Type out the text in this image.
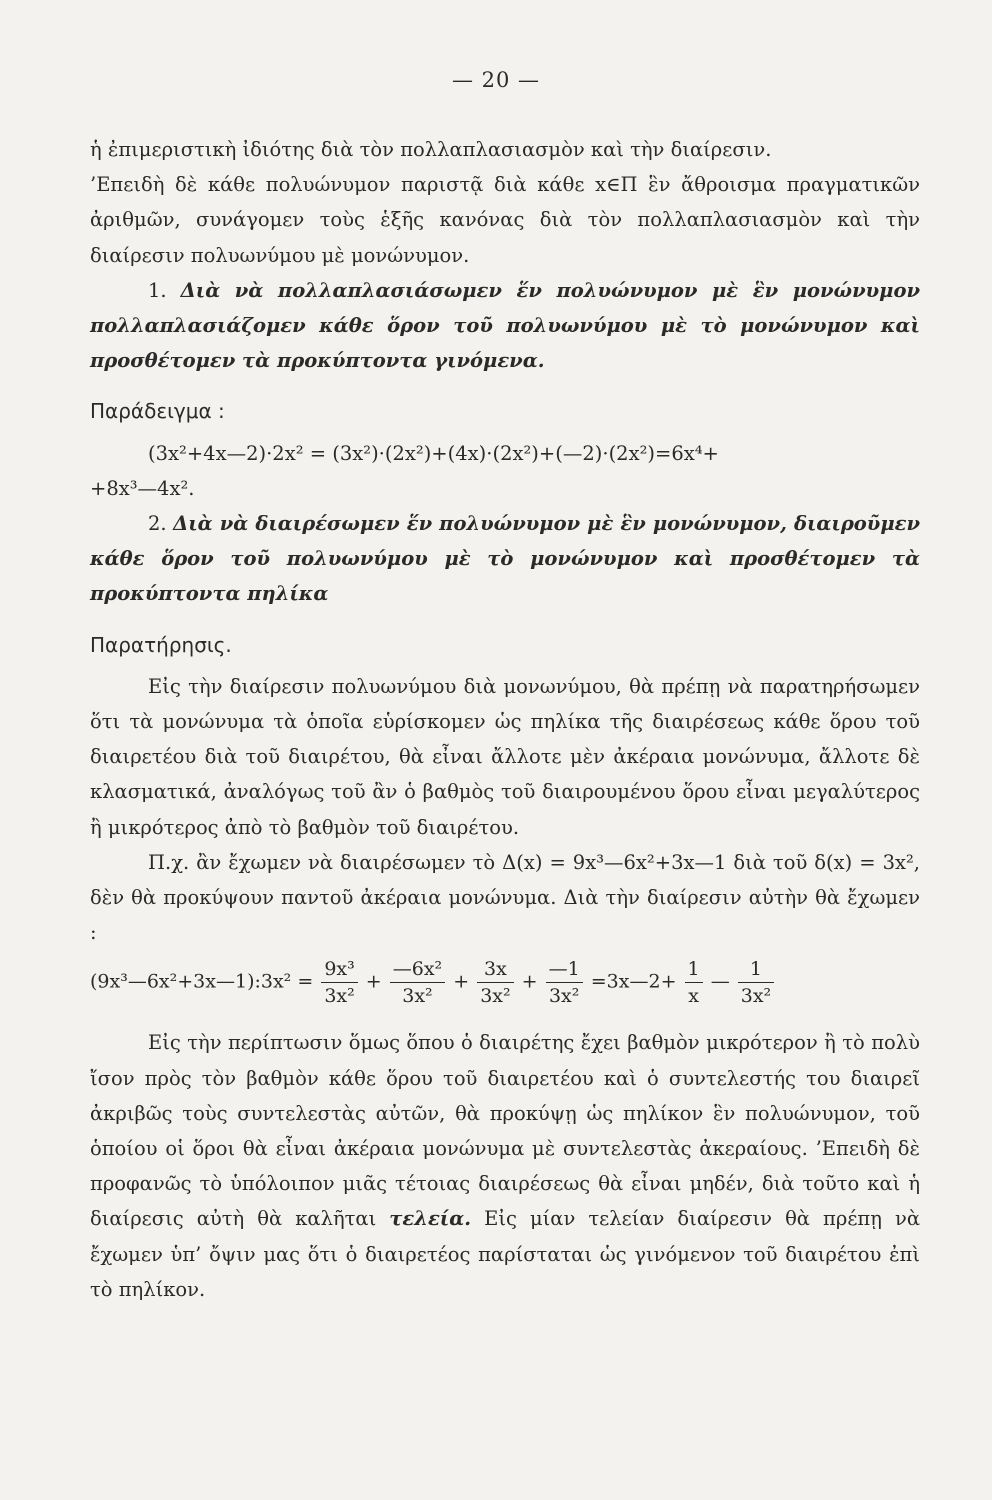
— 20 —

ἡ ἐπιμεριστικὴ ἰδιότης διὰ τὸν πολλαπλασιασμὸν καὶ τὴν διαίρεσιν.

’Επειδὴ δὲ κάθε πολυώνυμον παριστᾷ διὰ κάθε x∈Π ἓν ἄθροισμα πραγματικῶν ἀριθμῶν, συνάγομεν τοὺς ἑξῆς κανόνας διὰ τὸν πολλαπλασιασμὸν καὶ τὴν διαίρεσιν πολυωνύμου μὲ μονώνυμον.

1. Διὰ νὰ πολλαπλασιάσωμεν ἕν πολυώνυμον μὲ ἓν μονώνυμον πολλαπλασιάζομεν κάθε ὅρον τοῦ πολυωνύμου μὲ τὸ μονώνυμον καὶ προσθέτομεν τὰ προκύπτοντα γινόμενα.

Παράδειγμα :

(3x²+4x—2)·2x² = (3x²)·(2x²)+(4x)·(2x²)+(—2)·(2x²)=6x⁴+

+8x³—4x².

2. Διὰ νὰ διαιρέσωμεν ἕν πολυώνυμον μὲ ἓν μονώνυμον, διαιροῦμεν κάθε ὅρον τοῦ πολυωνύμου μὲ τὸ μονώνυμον καὶ προσθέτομεν τὰ προκύπτοντα πηλίκα

Παρατήρησις.

Εἰς τὴν διαίρεσιν πολυωνύμου διὰ μονωνύμου, θὰ πρέπῃ νὰ παρατηρήσωμεν ὅτι τὰ μονώνυμα τὰ ὁποῖα εὑρίσκομεν ὡς πηλίκα τῆς διαιρέσεως κάθε ὅρου τοῦ διαιρετέου διὰ τοῦ διαιρέτου, θὰ εἶναι ἄλλοτε μὲν ἀκέραια μονώνυμα, ἄλλοτε δὲ κλασματικά, ἀναλόγως τοῦ ἂν ὁ βαθμὸς τοῦ διαιρουμένου ὅρου εἶναι μεγαλύτερος ἢ μικρότερος ἀπὸ τὸ βαθμὸν τοῦ διαιρέτου.

Π.χ. ἂν ἔχωμεν νὰ διαιρέσωμεν τὸ Δ(x) = 9x³—6x²+3x—1 διὰ τοῦ δ(x) = 3x², δὲν θὰ προκύψουν παντοῦ ἀκέραια μονώνυμα. Διὰ τὴν διαίρεσιν αὐτὴν θὰ ἔχωμεν :

(9x³—6x²+3x—1):3x² = $\frac{\text{9x³}}{\text{3x²}} + \frac{\text{—6x²}}{\text{3x²}} + \frac{3x}{\text{3x²}} + \frac{—1}{\text{3x²}}$ =3x—2+ $\frac{1}{x}$ — $\frac{1}{\text{3x²}}$

Εἰς τὴν περίπτωσιν ὅμως ὅπου ὁ διαιρέτης ἔχει βαθμὸν μικρότερον ἢ τὸ πολὺ ἴσον πρὸς τὸν βαθμὸν κάθε ὅρου τοῦ διαιρετέου καὶ ὁ συντελεστής του διαιρεῖ ἀκριβῶς τοὺς συντελεστὰς αὐτῶν, θὰ προκύψῃ ὡς πηλίκον ἓν πολυώνυμον, τοῦ ὁποίου οἱ ὅροι θὰ εἶναι ἀκέραια μονώνυμα μὲ συντελεστὰς ἀκεραίους. ’Επειδὴ δὲ προφανῶς τὸ ὑπόλοιπον μιᾶς τέτοιας διαιρέσεως θὰ εἶναι μηδέν, διὰ τοῦτο καὶ ἡ διαίρεσις αὐτὴ θὰ καλῆται τελεία. Εἰς μίαν τελείαν διαίρεσιν θὰ πρέπῃ νὰ ἔχωμεν ὑπ’ ὄψιν μας ὅτι ὁ διαιρετέος παρίσταται ὡς γινόμενον τοῦ διαιρέτου ἐπὶ τὸ πηλίκον.
